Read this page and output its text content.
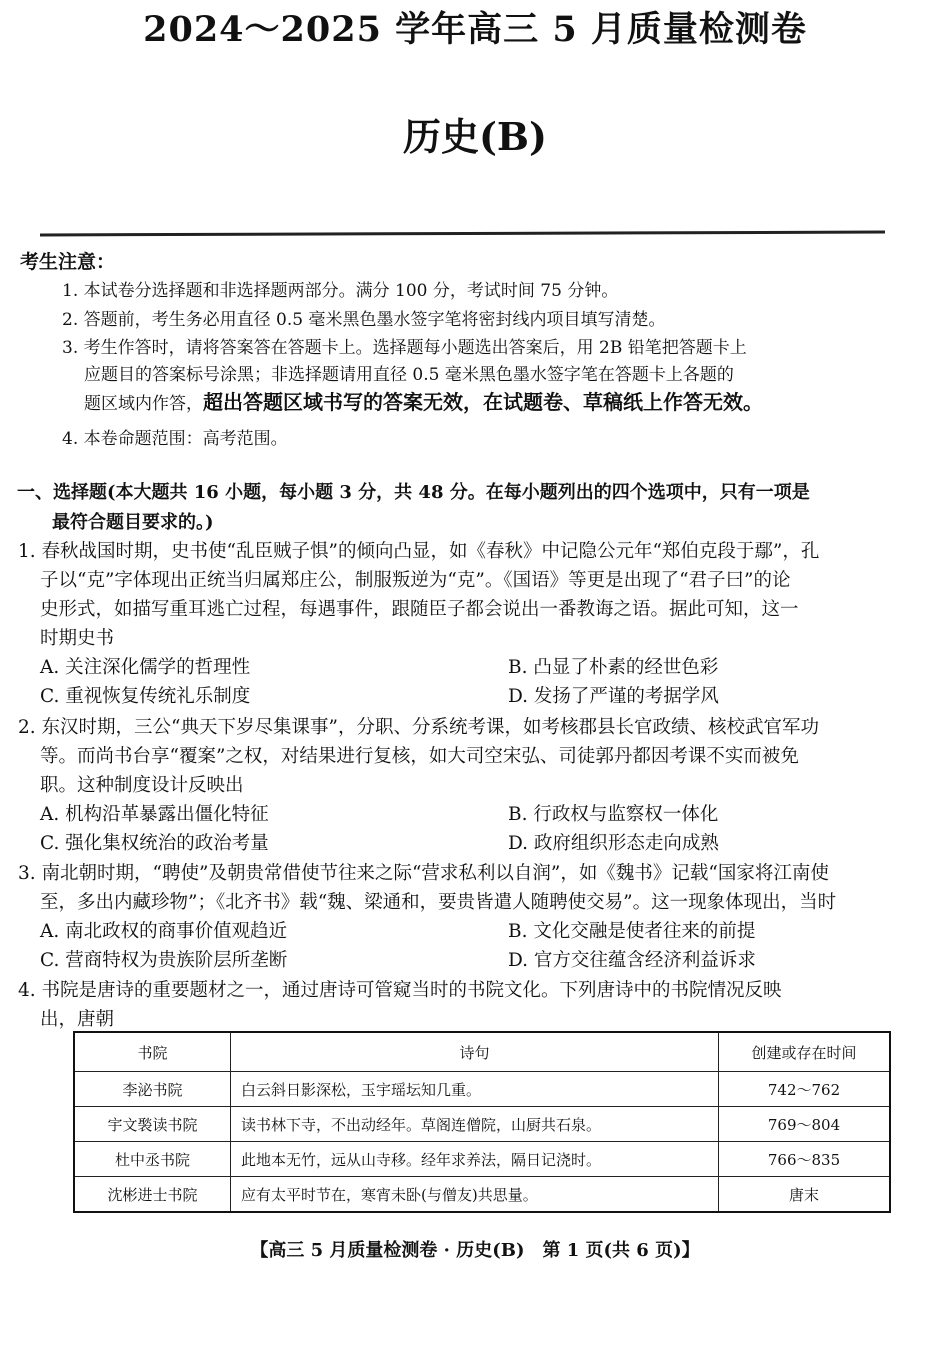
2024～2025 学年高三 5 月质量检测卷
历史(B)
考生注意：
1. 本试卷分选择题和非选择题两部分。满分 100 分，考试时间 75 分钟。
2. 答题前，考生务必用直径 0.5 毫米黑色墨水签字笔将密封线内项目填写清楚。
3. 考生作答时，请将答案答在答题卡上。选择题每小题选出答案后，用 2B 铅笔把答题卡上
应题目的答案标号涂黑；非选择题请用直径 0.5 毫米黑色墨水签字笔在答题卡上各题的
题区域内作答，超出答题区域书写的答案无效，在试题卷、草稿纸上作答无效。
4. 本卷命题范围：高考范围。
一、选择题(本大题共 16 小题，每小题 3 分，共 48 分。在每小题列出的四个选项中，只有一项是
最符合题目要求的。)
1. 春秋战国时期，史书使“乱臣贼子惧”的倾向凸显，如《春秋》中记隐公元年“郑伯克段于鄢”，孔
子以“克”字体现出正统当归属郑庄公，制服叛逆为“克”。《国语》等更是出现了“君子曰”的论
史形式，如描写重耳逃亡过程，每遇事件，跟随臣子都会说出一番教诲之语。据此可知，这一
时期史书
A. 关注深化儒学的哲理性	B. 凸显了朴素的经世色彩
C. 重视恢复传统礼乐制度	D. 发扬了严谨的考据学风
2. 东汉时期，三公“典天下岁尽集课事”，分职、分系统考课，如考核郡县长官政绩、核校武官军功
等。而尚书台享“覆案”之权，对结果进行复核，如大司空宋弘、司徒郭丹都因考课不实而被免
职。这种制度设计反映出
A. 机构沿革暴露出僵化特征	B. 行政权与监察权一体化
C. 强化集权统治的政治考量	D. 政府组织形态走向成熟
3. 南北朝时期，“聘使”及朝贵常借使节往来之际“营求私利以自润”，如《魏书》记载“国家将江南使
至，多出内藏珍物”；《北齐书》载“魏、梁通和，要贵皆遣人随聘使交易”。这一现象体现出，当时
A. 南北政权的商事价值观趋近	B. 文化交融是使者往来的前提
C. 营商特权为贵族阶层所垄断	D. 官方交往蕴含经济利益诉求
4. 书院是唐诗的重要题材之一，通过唐诗可管窥当时的书院文化。下列唐诗中的书院情况反映
出，唐朝
书院	诗句	创建或存在时间
李泌书院	白云斜日影深松，玉宇瑶坛知几重。	742～762
宇文褧读书院	读书林下寺，不出动经年。草阁连僧院，山厨共石泉。	769～804
杜中丞书院	此地本无竹，远从山寺移。经年求养法，隔日记浇时。	766～835
沈彬进士书院	应有太平时节在，寒宵未卧(与僧友)共思量。	唐末
【高三 5 月质量检测卷 · 历史(B)　第 1 页(共 6 页)】
